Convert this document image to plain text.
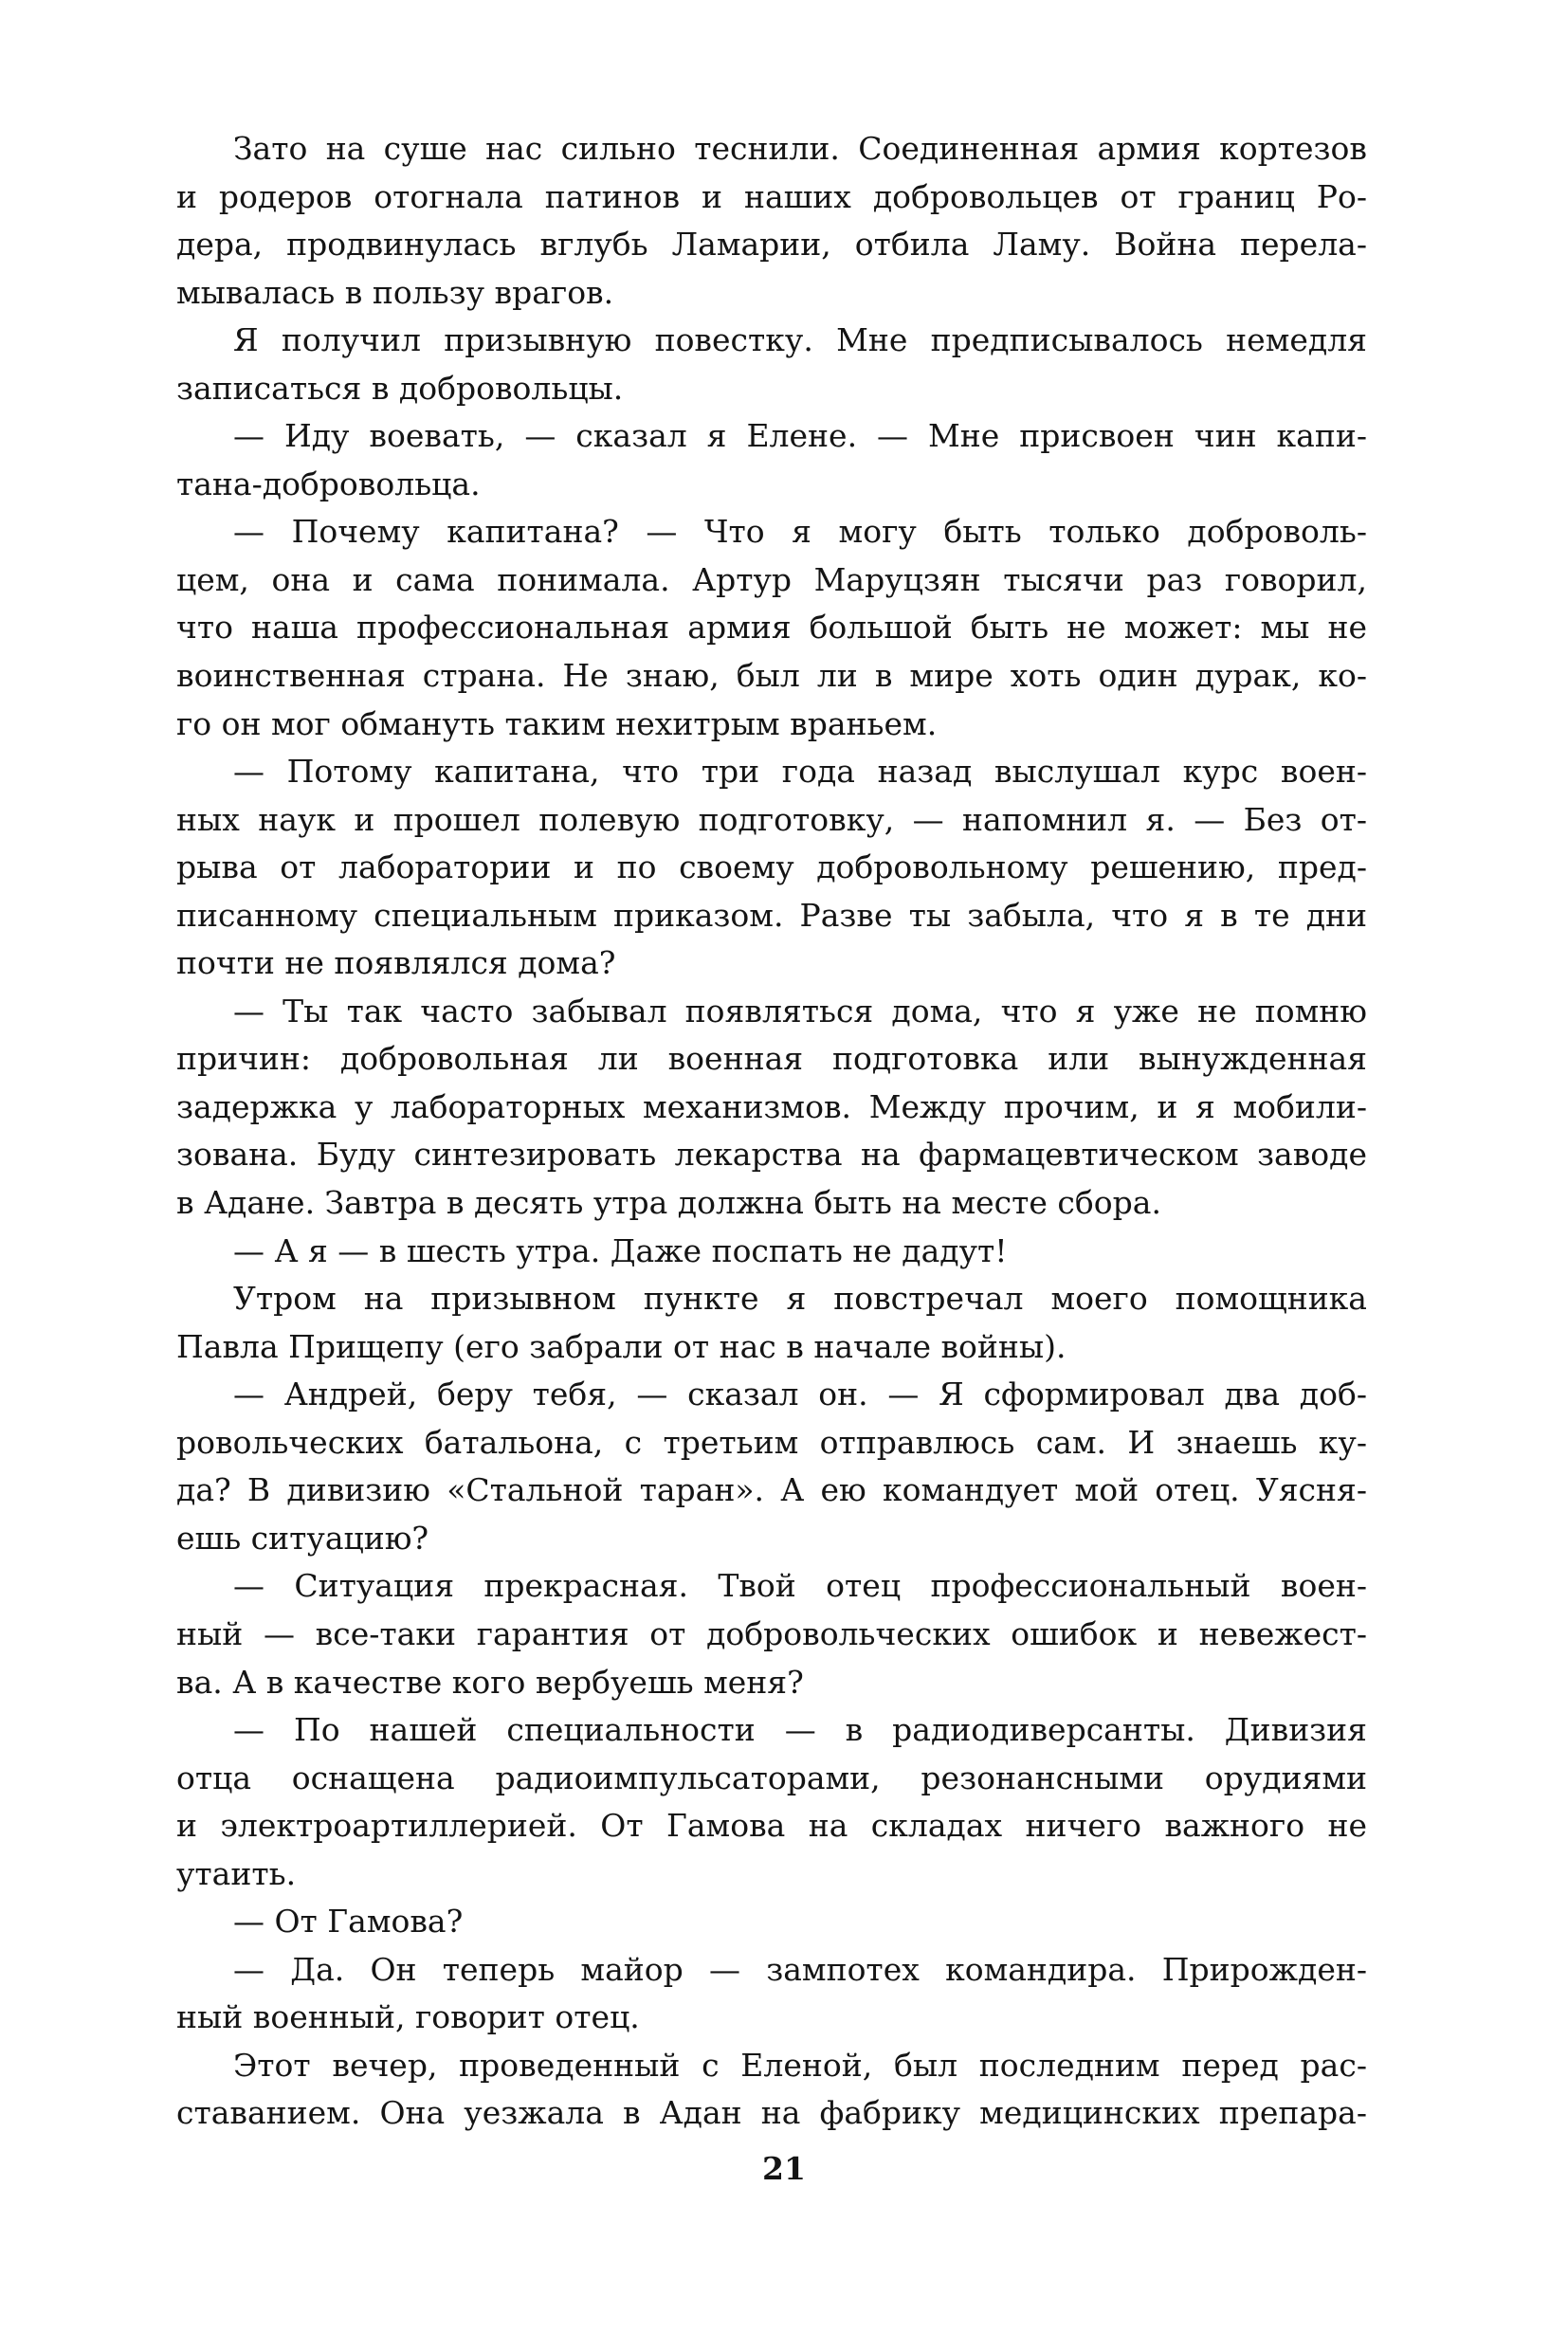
Зато на суше нас сильно теснили. Соединенная армия кортезов
и родеров отогнала патинов и наших добровольцев от границ Ро-
дера, продвинулась вглубь Ламарии, отбила Ламу. Война перела-
мывалась в пользу врагов.
Я получил призывную повестку. Мне предписывалось немедля
записаться в добровольцы.
— Иду воевать, — сказал я Елене. — Мне присвоен чин капи-
тана-добровольца.
— Почему капитана? — Что я могу быть только доброволь-
цем, она и сама понимала. Артур Маруцзян тысячи раз говорил,
что наша профессиональная армия большой быть не может: мы не
воинственная страна. Не знаю, был ли в мире хоть один дурак, ко-
го он мог обмануть таким нехитрым враньем.
— Потому капитана, что три года назад выслушал курс воен-
ных наук и прошел полевую подготовку, — напомнил я. — Без от-
рыва от лаборатории и по своему добровольному решению, пред-
писанному специальным приказом. Разве ты забыла, что я в те дни
почти не появлялся дома?
— Ты так часто забывал появляться дома, что я уже не помню
причин: добровольная ли военная подготовка или вынужденная
задержка у лабораторных механизмов. Между прочим, и я мобили-
зована. Буду синтезировать лекарства на фармацевтическом заводе
в Адане. Завтра в десять утра должна быть на месте сбора.
— А я — в шесть утра. Даже поспать не дадут!
Утром на призывном пункте я повстречал моего помощника
Павла Прищепу (его забрали от нас в начале войны).
— Андрей, беру тебя, — сказал он. — Я сформировал два доб-
ровольческих батальона, с третьим отправлюсь сам. И знаешь ку-
да? В дивизию «Стальной таран». А ею командует мой отец. Уясня-
ешь ситуацию?
— Ситуация прекрасная. Твой отец профессиональный воен-
ный — все-таки гарантия от добровольческих ошибок и невежест-
ва. А в качестве кого вербуешь меня?
— По нашей специальности — в радиодиверсанты. Дивизия
отца оснащена радиоимпульсаторами, резонансными орудиями
и электроартиллерией. От Гамова на складах ничего важного не
утаить.
— От Гамова?
— Да. Он теперь майор — зампотех командира. Прирожден-
ный военный, говорит отец.
Этот вечер, проведенный с Еленой, был последним перед рас-
ставанием. Она уезжала в Адан на фабрику медицинских препара-
21
